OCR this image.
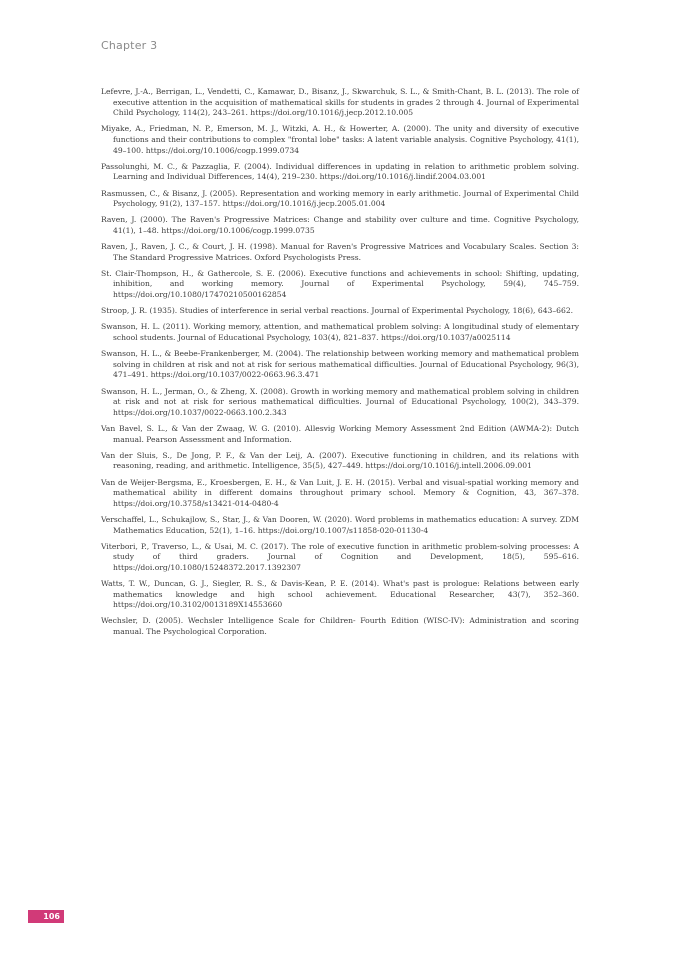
Chapter 3

Lefevre, J.-A., Berrigan, L., Vendetti, C., Kamawar, D., Bisanz, J., Skwarchuk, S. L., & Smith-Chant, B. L. (2013). The role of executive attention in the acquisition of mathematical skills for students in grades 2 through 4. Journal of Experimental Child Psychology, 114(2), 243–261. https://doi.org/10.1016/j.jecp.2012.10.005

Miyake, A., Friedman, N. P., Emerson, M. J., Witzki, A. H., & Howerter, A. (2000). The unity and diversity of executive functions and their contributions to complex "frontal lobe" tasks: A latent variable analysis. Cognitive Psychology, 41(1), 49–100. https://doi.org/10.1006/cogp.1999.0734

Passolunghi, M. C., & Pazzaglia, F. (2004). Individual differences in updating in relation to arithmetic problem solving. Learning and Individual Differences, 14(4), 219–230. https://doi.org/10.1016/j.lindif.2004.03.001

Rasmussen, C., & Bisanz, J. (2005). Representation and working memory in early arithmetic. Journal of Experimental Child Psychology, 91(2), 137–157. https://doi.org/10.1016/j.jecp.2005.01.004

Raven, J. (2000). The Raven's Progressive Matrices: Change and stability over culture and time. Cognitive Psychology, 41(1), 1–48. https://doi.org/10.1006/cogp.1999.0735

Raven, J., Raven, J. C., & Court, J. H. (1998). Manual for Raven's Progressive Matrices and Vocabulary Scales. Section 3: The Standard Progressive Matrices. Oxford Psychologists Press.

St. Clair-Thompson, H., & Gathercole, S. E. (2006). Executive functions and achievements in school: Shifting, updating, inhibition, and working memory. Journal of Experimental Psychology, 59(4), 745–759. https://doi.org/10.1080/17470210500162854

Stroop, J. R. (1935). Studies of interference in serial verbal reactions. Journal of Experimental Psychology, 18(6), 643–662.

Swanson, H. L. (2011). Working memory, attention, and mathematical problem solving: A longitudinal study of elementary school students. Journal of Educational Psychology, 103(4), 821–837. https://doi.org/10.1037/a0025114

Swanson, H. L., & Beebe-Frankenberger, M. (2004). The relationship between working memory and mathematical problem solving in children at risk and not at risk for serious mathematical difficulties. Journal of Educational Psychology, 96(3), 471–491. https://doi.org/10.1037/0022-0663.96.3.471

Swanson, H. L., Jerman, O., & Zheng, X. (2008). Growth in working memory and mathematical problem solving in children at risk and not at risk for serious mathematical difficulties. Journal of Educational Psychology, 100(2), 343–379. https://doi.org/10.1037/0022-0663.100.2.343

Van Bavel, S. L., & Van der Zwaag, W. G. (2010). Allesvig Working Memory Assessment 2nd Edition (AWMA-2): Dutch manual. Pearson Assessment and Information.

Van der Sluis, S., De Jong, P. F., & Van der Leij, A. (2007). Executive functioning in children, and its relations with reasoning, reading, and arithmetic. Intelligence, 35(5), 427–449. https://doi.org/10.1016/j.intell.2006.09.001

Van de Weijer-Bergsma, E., Kroesbergen, E. H., & Van Luit, J. E. H. (2015). Verbal and visual-spatial working memory and mathematical ability in different domains throughout primary school. Memory & Cognition, 43, 367–378. https://doi.org/10.3758/s13421-014-0480-4

Verschaffel, L., Schukajlow, S., Star, J., & Van Dooren, W. (2020). Word problems in mathematics education: A survey. ZDM Mathematics Education, 52(1), 1–16. https://doi.org/10.1007/s11858-020-01130-4

Viterbori, P., Traverso, L., & Usai, M. C. (2017). The role of executive function in arithmetic problem-solving processes: A study of third graders. Journal of Cognition and Development, 18(5), 595–616. https://doi.org/10.1080/15248372.2017.1392307

Watts, T. W., Duncan, G. J., Siegler, R. S., & Davis-Kean, P. E. (2014). What's past is prologue: Relations between early mathematics knowledge and high school achievement. Educational Researcher, 43(7), 352–360. https://doi.org/10.3102/0013189X14553660

Wechsler, D. (2005). Wechsler Intelligence Scale for Children- Fourth Edition (WISC-IV): Administration and scoring manual. The Psychological Corporation.

106
